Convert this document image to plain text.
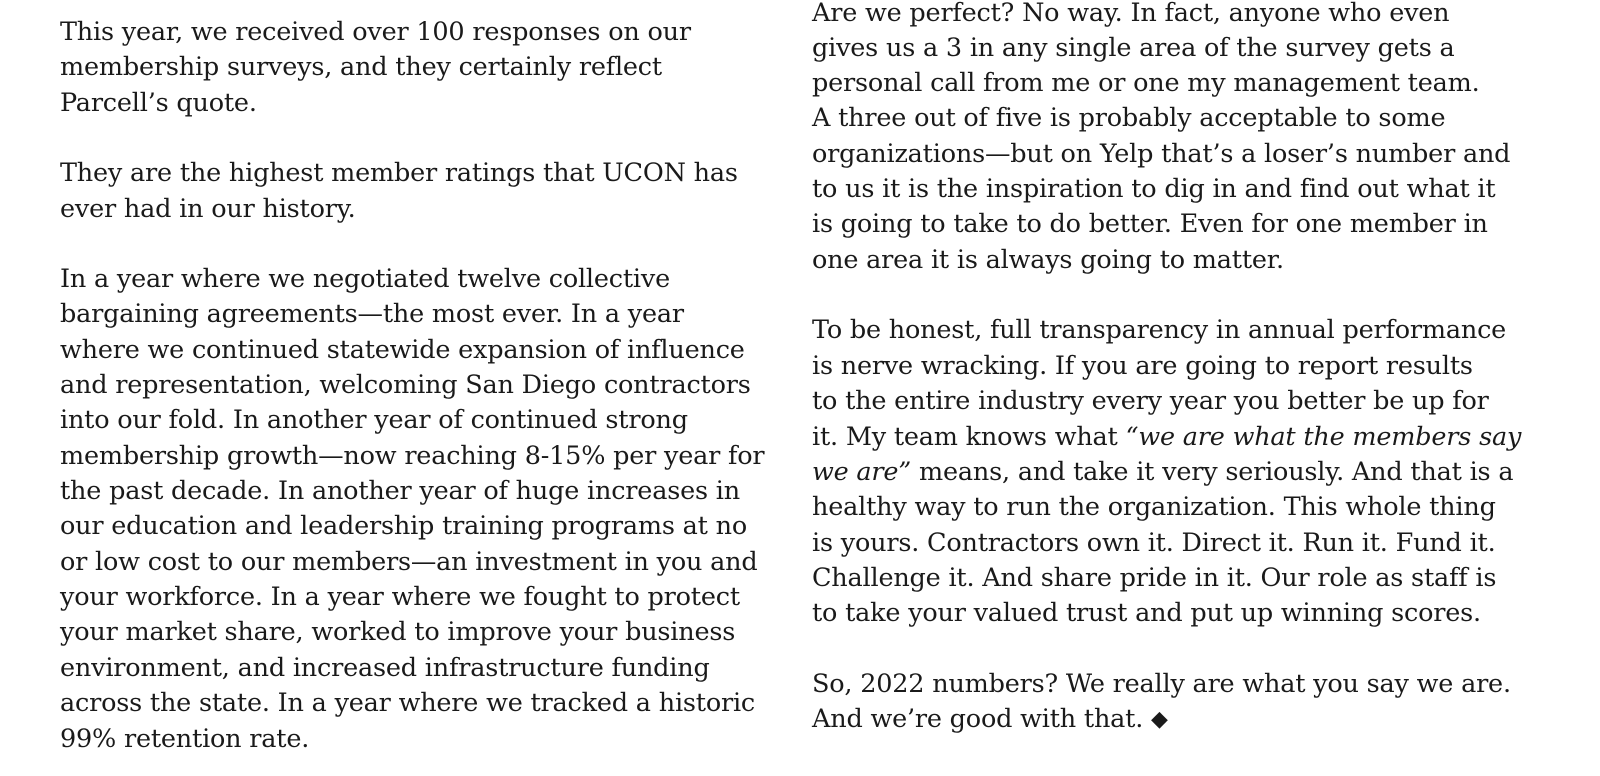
This year, we received over 100 responses on our
membership surveys, and they certainly reflect
Parcell’s quote.
They are the highest member ratings that UCON has
ever had in our history.
In a year where we negotiated twelve collective
bargaining agreements—the most ever. In a year
where we continued statewide expansion of influence
and representation, welcoming San Diego contractors
into our fold. In another year of continued strong
membership growth—now reaching 8-15% per year for
the past decade. In another year of huge increases in
our education and leadership training programs at no
or low cost to our members—an investment in you and
your workforce. In a year where we fought to protect
your market share, worked to improve your business
environment, and increased infrastructure funding
across the state. In a year where we tracked a historic
99% retention rate.
Are we perfect? No way. In fact, anyone who even
gives us a 3 in any single area of the survey gets a
personal call from me or one my management team.
A three out of five is probably acceptable to some
organizations—but on Yelp that’s a loser’s number and
to us it is the inspiration to dig in and find out what it
is going to take to do better. Even for one member in
one area it is always going to matter.
To be honest, full transparency in annual performance
is nerve wracking. If you are going to report results
to the entire industry every year you better be up for
it. My team knows what “we are what the members say
we are” means, and take it very seriously. And that is a
healthy way to run the organization. This whole thing
is yours. Contractors own it. Direct it. Run it. Fund it.
Challenge it. And share pride in it. Our role as staff is
to take your valued trust and put up winning scores.
So, 2022 numbers? We really are what you say we are.
And we’re good with that. ◆
